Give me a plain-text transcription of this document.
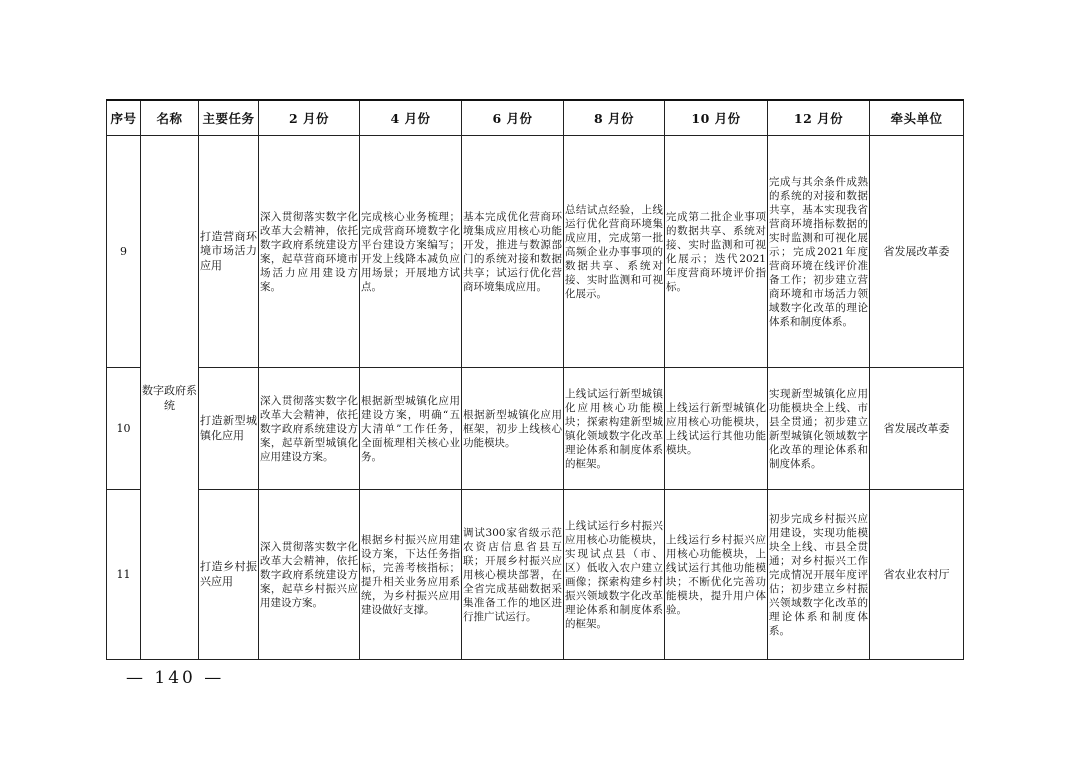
序号	名称	主要任务	2 月份	4 月份	6 月份	8 月份	10 月份	12 月份	牵头单位
9	数字政府系统	打造营商环境市场活力应用	深入贯彻落实数字化改革大会精神，依托数字政府系统建设方案，起草营商环境市场活力应用建设方案。	完成核心业务梳理；完成营商环境数字化平台建设方案编写；开发上线降本减负应用场景；开展地方试点。	基本完成优化营商环境集成应用核心功能开发，推进与数源部门的系统对接和数据共享；试运行优化营商环境集成应用。	总结试点经验，上线运行优化营商环境集成应用，完成第一批高频企业办事事项的数据共享、系统对接、实时监测和可视化展示。	完成第二批企业事项的数据共享、系统对接、实时监测和可视化展示；迭代2021年度营商环境评价指标。	完成与其余条件成熟的系统的对接和数据共享，基本实现我省营商环境指标数据的实时监测和可视化展示；完成2021年度营商环境在线评价准备工作；初步建立营商环境和市场活力领域数字化改革的理论体系和制度体系。	省发展改革委
10		打造新型城镇化应用	深入贯彻落实数字化改革大会精神，依托数字政府系统建设方案，起草新型城镇化应用建设方案。	根据新型城镇化应用建设方案，明确“五大清单”工作任务，全面梳理相关核心业务。	根据新型城镇化应用框架，初步上线核心功能模块。	上线试运行新型城镇化应用核心功能模块；探索构建新型城镇化领域数字化改革理论体系和制度体系的框架。	上线运行新型城镇化应用核心功能模块，上线试运行其他功能模块。	实现新型城镇化应用功能模块全上线、市县全贯通；初步建立新型城镇化领域数字化改革的理论体系和制度体系。	省发展改革委
11		打造乡村振兴应用	深入贯彻落实数字化改革大会精神，依托数字政府系统建设方案，起草乡村振兴应用建设方案。	根据乡村振兴应用建设方案，下达任务指标，完善考核指标；提升相关业务应用系统，为乡村振兴应用建设做好支撑。	调试300家省级示范农资店信息省县互联；开展乡村振兴应用核心模块部署，在全省完成基础数据采集准备工作的地区进行推广试运行。	上线试运行乡村振兴应用核心功能模块，实现试点县（市、区）低收入农户建立画像；探索构建乡村振兴领域数字化改革理论体系和制度体系的框架。	上线运行乡村振兴应用核心功能模块，上线试运行其他功能模块；不断优化完善功能模块，提升用户体验。	初步完成乡村振兴应用建设，实现功能模块全上线、市县全贯通；对乡村振兴工作完成情况开展年度评估；初步建立乡村振兴领域数字化改革的理论体系和制度体系。	省农业农村厅
— 140 —
